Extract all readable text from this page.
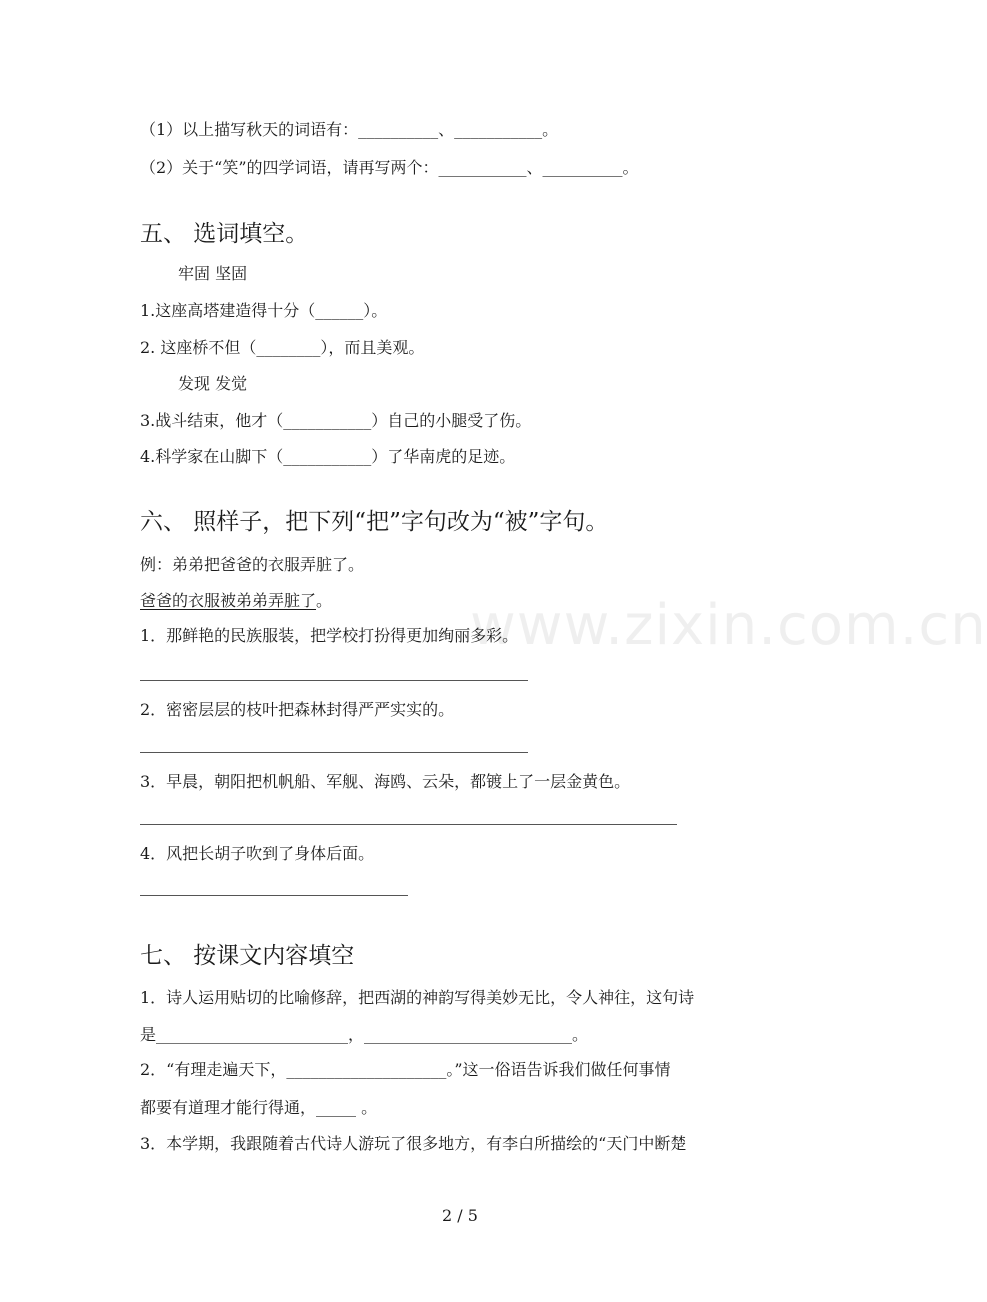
www.zixin.com.cn
（1）以上描写秋天的词语有：__________、___________。
（2）关于“笑”的四学词语，请再写两个：___________、__________。
五、 选词填空。
牢固 坚固
1.这座高塔建造得十分（______）。
2. 这座桥不但（________），而且美观。
发现 发觉
3.战斗结束，他才（___________）自己的小腿受了伤。
4.科学家在山脚下（___________）了华南虎的足迹。
六、 照样子，把下列“把”字句改为“被”字句。
例：弟弟把爸爸的衣服弄脏了。
爸爸的衣服被弟弟弄脏了。
1．那鲜艳的民族服装，把学校打扮得更加绚丽多彩。
2．密密层层的枝叶把森林封得严严实实的。
3．早晨，朝阳把机帆船、军舰、海鸥、云朵，都镀上了一层金黄色。
4．风把长胡子吹到了身体后面。
七、 按课文内容填空
1．诗人运用贴切的比喻修辞，把西湖的神韵写得美妙无比，令人神往，这句诗
是________________________，__________________________。
2．“有理走遍天下，____________________。”这一俗语告诉我们做任何事情
都要有道理才能行得通，_____ 。
3．本学期，我跟随着古代诗人游玩了很多地方，有李白所描绘的“天门中断楚
2 / 5
